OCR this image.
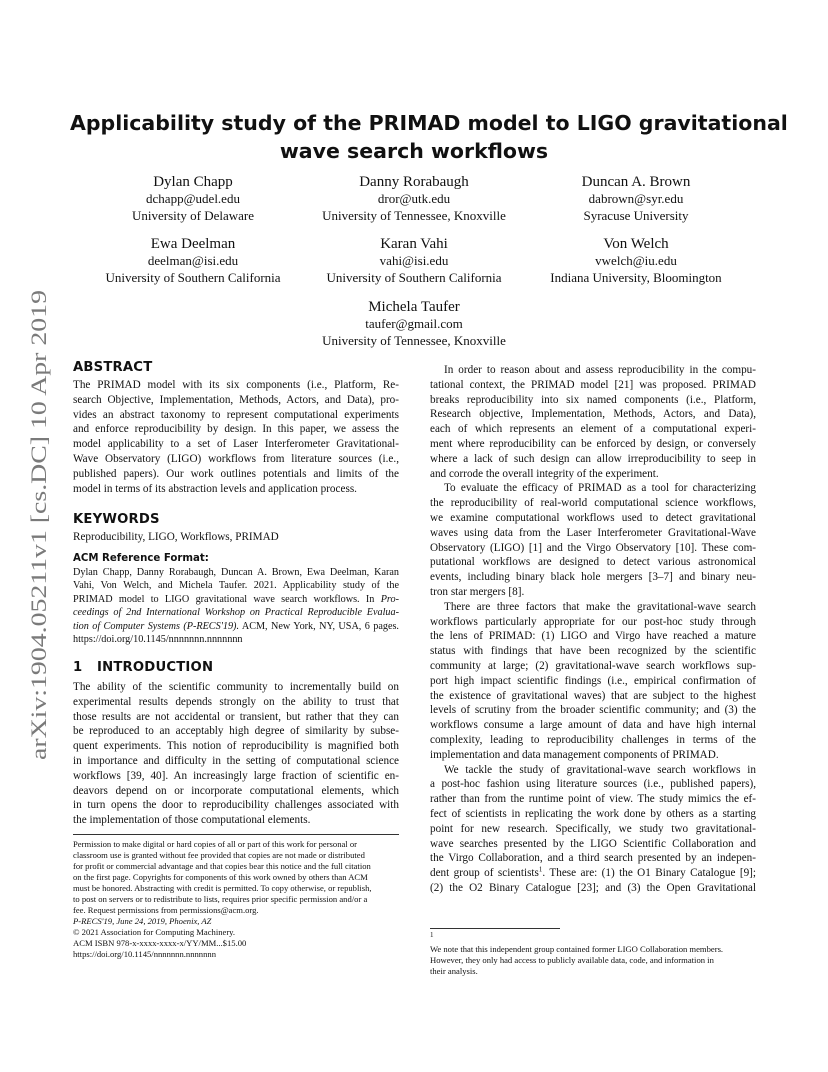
arXiv:1904.05211v1 [cs.DC] 10 Apr 2019
Applicability study of the PRIMAD model to LIGO gravitational
wave search workflows
Dylan Chapp
dchapp@udel.edu
University of Delaware
Danny Rorabaugh
dror@utk.edu
University of Tennessee, Knoxville
Duncan A. Brown
dabrown@syr.edu
Syracuse University
Ewa Deelman
deelman@isi.edu
University of Southern California
Karan Vahi
vahi@isi.edu
University of Southern California
Von Welch
vwelch@iu.edu
Indiana University, Bloomington
Michela Taufer
taufer@gmail.com
University of Tennessee, Knoxville
ABSTRACT
The PRIMAD model with its six components (i.e., Platform, Re-
search Objective, Implementation, Methods, Actors, and Data), pro-
vides an abstract taxonomy to represent computational experiments
and enforce reproducibility by design. In this paper, we assess the
model applicability to a set of Laser Interferometer Gravitational-
Wave Observatory (LIGO) workflows from literature sources (i.e.,
published papers). Our work outlines potentials and limits of the
model in terms of its abstraction levels and application process.
KEYWORDS
Reproducibility, LIGO, Workflows, PRIMAD
ACM Reference Format:
Dylan Chapp, Danny Rorabaugh, Duncan A. Brown, Ewa Deelman, Karan
Vahi, Von Welch, and Michela Taufer. 2021. Applicability study of the
PRIMAD model to LIGO gravitational wave search workflows. In Pro-
ceedings of 2nd International Workshop on Practical Reproducible Evalua-
tion of Computer Systems (P-RECS'19). ACM, New York, NY, USA, 6 pages.
https://doi.org/10.1145/nnnnnnn.nnnnnnn
1 INTRODUCTION
The ability of the scientific community to incrementally build on
experimental results depends strongly on the ability to trust that
those results are not accidental or transient, but rather that they can
be reproduced to an acceptably high degree of similarity by subse-
quent experiments. This notion of reproducibility is magnified both
in importance and difficulty in the setting of computational science
workflows [39, 40]. An increasingly large fraction of scientific en-
deavors depend on or incorporate computational elements, which
in turn opens the door to reproducibility challenges associated with
the implementation of those computational elements.
Permission to make digital or hard copies of all or part of this work for personal or
classroom use is granted without fee provided that copies are not made or distributed
for profit or commercial advantage and that copies bear this notice and the full citation
on the first page. Copyrights for components of this work owned by others than ACM
must be honored. Abstracting with credit is permitted. To copy otherwise, or republish,
to post on servers or to redistribute to lists, requires prior specific permission and/or a
fee. Request permissions from permissions@acm.org.
P-RECS'19, June 24, 2019, Phoenix, AZ
© 2021 Association for Computing Machinery.
ACM ISBN 978-x-xxxx-xxxx-x/YY/MM...$15.00
https://doi.org/10.1145/nnnnnnn.nnnnnnn
In order to reason about and assess reproducibility in the compu-
tational context, the PRIMAD model [21] was proposed. PRIMAD
breaks reproducibility into six named components (i.e., Platform,
Research objective, Implementation, Methods, Actors, and Data),
each of which represents an element of a computational experi-
ment where reproducibility can be enforced by design, or conversely
where a lack of such design can allow irreproducibility to seep in
and corrode the overall integrity of the experiment.
To evaluate the efficacy of PRIMAD as a tool for characterizing
the reproducibility of real-world computational science workflows,
we examine computational workflows used to detect gravitational
waves using data from the Laser Interferometer Gravitational-Wave
Observatory (LIGO) [1] and the Virgo Observatory [10]. These com-
putational workflows are designed to detect various astronomical
events, including binary black hole mergers [3–7] and binary neu-
tron star mergers [8].
There are three factors that make the gravitational-wave search
workflows particularly appropriate for our post-hoc study through
the lens of PRIMAD: (1) LIGO and Virgo have reached a mature
status with findings that have been recognized by the scientific
community at large; (2) gravitational-wave search workflows sup-
port high impact scientific findings (i.e., empirical confirmation of
the existence of gravitational waves) that are subject to the highest
levels of scrutiny from the broader scientific community; and (3) the
workflows consume a large amount of data and have high internal
complexity, leading to reproducibility challenges in terms of the
implementation and data management components of PRIMAD.
We tackle the study of gravitational-wave search workflows in
a post-hoc fashion using literature sources (i.e., published papers),
rather than from the runtime point of view. The study mimics the ef-
fect of scientists in replicating the work done by others as a starting
point for new research. Specifically, we study two gravitational-
wave searches presented by the LIGO Scientific Collaboration and
the Virgo Collaboration, and a third search presented by an indepen-
dent group of scientists$^1$. These are: (1) the O1 Binary Catalogue [9];
(2) the O2 Binary Catalogue [23]; and (3) the Open Gravitational
$^1$
We note that this independent group contained former LIGO Collaboration members.
However, they only had access to publicly available data, code, and information in
their analysis.
